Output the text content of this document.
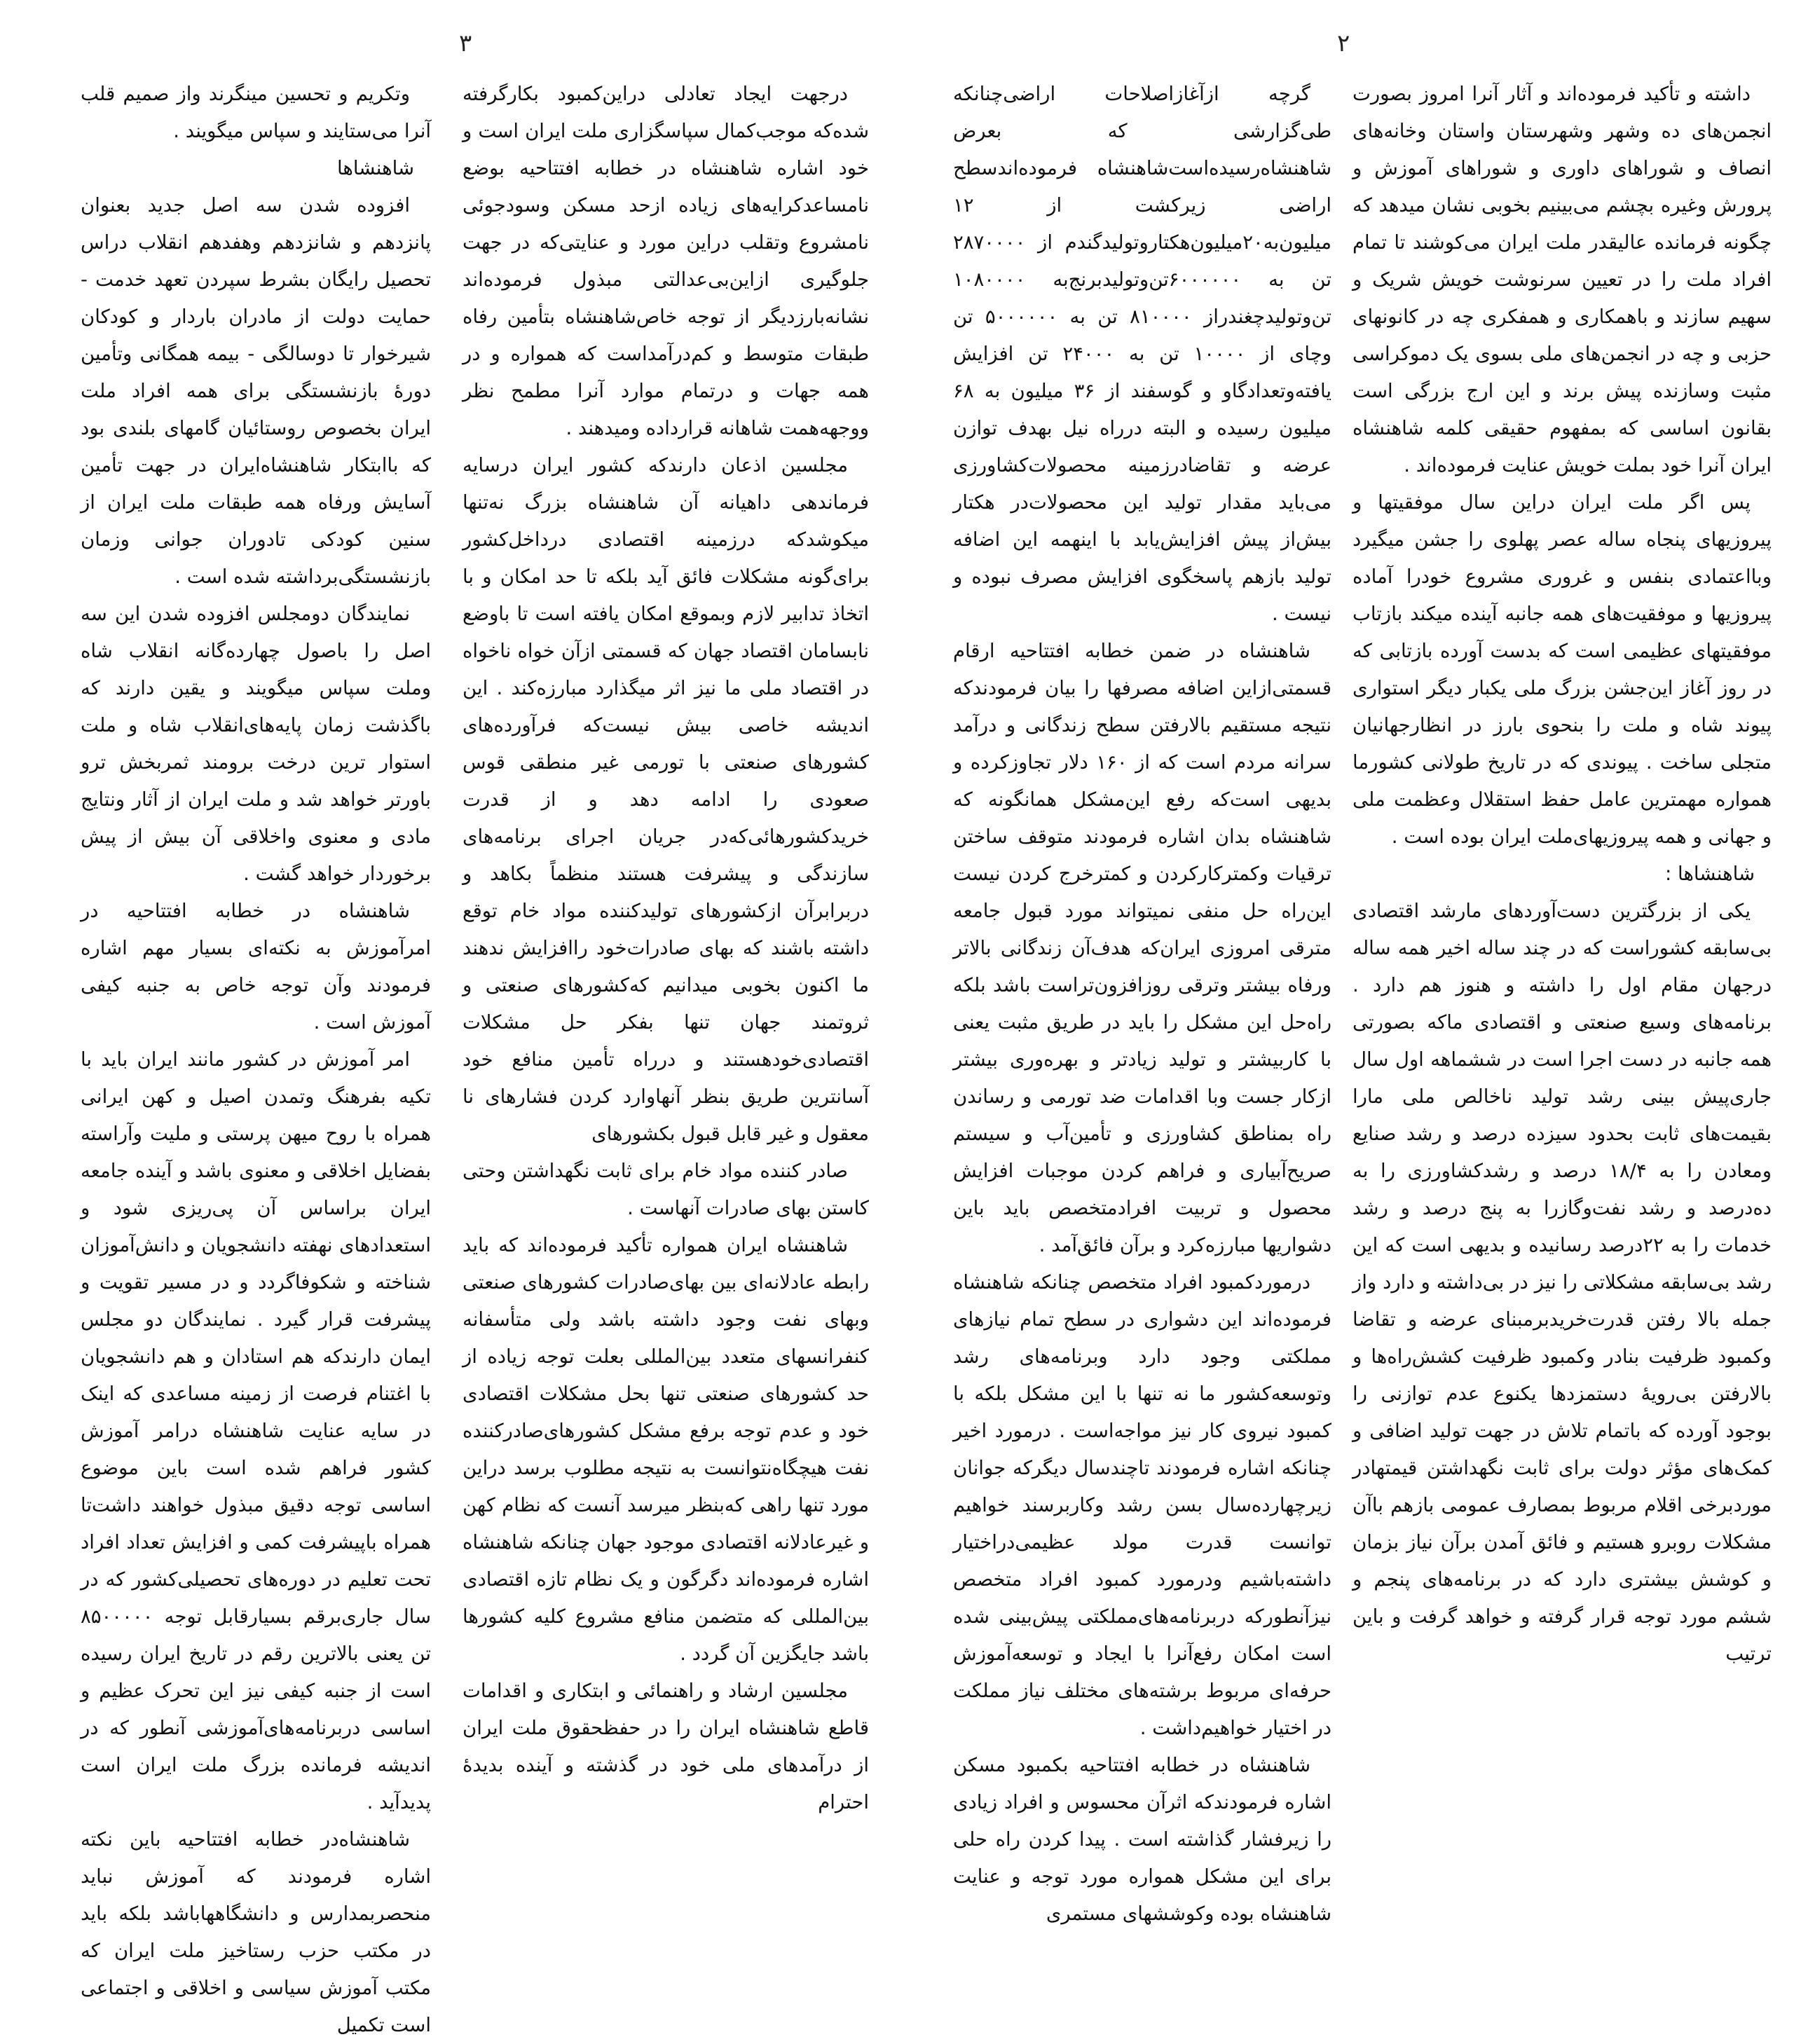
۳	۲

داشته و تأکید فرموده‌اند و آثار آنرا امروز بصورت انجمن‌های ده وشهر وشهرستان واستان وخانه‌های انصاف و شوراهای داوری و شوراهای آموزش و پرورش وغیره بچشم می‌بینیم بخوبی نشان میدهد که چگونه فرمانده عالیقدر ملت ایران می‌کوشند تا تمام افراد ملت را در تعیین سرنوشت خویش شریک و سهیم سازند و باهمکاری و همفکری چه در کانونهای حزبی و چه در انجمن‌های ملی بسوی یک دموکراسی مثبت وسازنده پیش برند و این ارج بزرگی است بقانون اساسی که بمفهوم حقیقی کلمه شاهنشاه ایران آنرا خود بملت خویش عنایت فرموده‌اند .

پس اگر ملت ایران دراین سال موفقیتها و پیروزیهای پنجاه ساله عصر پهلوی را جشن میگیرد وبااعتمادی بنفس و غروری مشروع خودرا آماده پیروزیها و موفقیت‌های همه جانبه آینده میکند بازتاب موفقیتهای عظیمی است که بدست آورده بازتابی که در روز آغاز این‌جشن بزرگ ملی یکبار دیگر استواری پیوند شاه و ملت را بنحوی بارز در انظارجهانیان متجلی ساخت . پیوندی که در تاریخ طولانی کشورما همواره مهمترین عامل حفظ استقلال وعظمت ملی و جهانی و همه پیروزیهای‌ملت ایران بوده است .

شاهنشاها :

یکی از بزرگترین دست‌آوردهای مارشد اقتصادی بی‌سابقه کشوراست که در چند ساله اخیر همه ساله درجهان مقام اول را داشته و هنوز هم دارد . برنامه‌های وسیع صنعتی و اقتصادی ماکه بصورتی همه جانبه در دست اجرا است در ششماهه اول سال جاری‌پیش بینی رشد تولید ناخالص ملی مارا بقیمت‌های ثابت بحدود سیزده درصد و رشد صنایع ومعادن را به ۱۸/۴ درصد و رشدکشاورزی را به ده‌درصد و رشد نفت‌وگازرا به پنج درصد و رشد خدمات را به ۲۲درصد رسانیده و بدیهی است که این رشد بی‌سابقه مشکلاتی را نیز در بی‌داشته و دارد واز جمله بالا رفتن قدرت‌خریدبرمبنای عرضه و تقاضا وکمبود ظرفیت بنادر وکمبود ظرفیت کشش‌راه‌ها و بالارفتن بی‌رویهٔ دستمزدها یکنوع عدم توازنی را بوجود آورده که باتمام تلاش در جهت تولید اضافی و کمک‌های مؤثر دولت برای ثابت نگهداشتن قیمتهادر موردبرخی اقلام مربوط بمصارف عمومی بازهم باآن مشکلات روبرو هستیم و فائق آمدن برآن نیاز بزمان و کوشش بیشتری دارد که در برنامه‌های پنجم و ششم مورد توجه قرار گرفته و خواهد گرفت و باین ترتیب

گرچه ازآغازاصلاحات اراضی‌چنانکه طی‌گزارشی که بعرض شاهنشاه‌رسیده‌است‌شاهنشاه فرموده‌اندسطح اراضی زیرکشت از ۱۲ میلیون‌به۲۰میلیون‌هکتاروتولیدگندم از ۲۸۷۰۰۰۰ تن به ۶۰۰۰۰۰۰تن‌وتولیدبرنج‌به ۱۰۸۰۰۰۰ تن‌وتولیدچغندراز ۸۱۰۰۰۰ تن به ۵۰۰۰۰۰۰ تن وچای از ۱۰۰۰۰ تن به ۲۴۰۰۰ تن افزایش یافته‌وتعدادگاو و گوسفند از ۳۶ میلیون به ۶۸ میلیون رسیده و البته درراه نیل بهدف توازن عرضه و تقاضادرزمینه محصولات‌کشاورزی می‌باید مقدار تولید این محصولات‌در هکتار بیش‌از پیش افزایش‌یابد با اینهمه این اضافه تولید بازهم پاسخگوی افزایش مصرف نبوده و نیست .

شاهنشاه در ضمن خطابه افتتاحیه ارقام قسمتی‌ازاین اضافه مصرفها را بیان فرمودندکه نتیجه مستقیم بالارفتن سطح زندگانی و درآمد سرانه مردم است که از ۱۶۰ دلار تجاوزکرده و بدیهی است‌که رفع این‌مشکل همانگونه که شاهنشاه بدان اشاره فرمودند متوقف ساختن ترقیات وکمترکارکردن و کمترخرج کردن نیست این‌راه حل منفی نمیتواند مورد قبول جامعه مترقی امروزی ایران‌که هدف‌آن زندگانی بالاتر ورفاه بیشتر وترقی روزافزون‌تراست باشد بلکه راه‌حل این مشکل را باید در طریق مثبت یعنی با کاربیشتر و تولید زیادتر و بهره‌وری بیشتر ازکار جست وبا اقدامات ضد تورمی و رساندن راه بمناطق کشاورزی و تأمین‌آب و سیستم صریح‌آبیاری و فراهم کردن موجبات افزایش محصول و تربیت افرادمتخصص باید باین دشواریها مبارزه‌کرد و برآن فائق‌آمد .

درمورد‌کمبود افراد متخصص چنانکه شاهنشاه فرموده‌اند این دشواری در سطح تمام نیازهای مملکتی وجود دارد وبرنامه‌های رشد وتوسعه‌کشور ما نه تنها با این مشکل بلکه با کمبود نیروی کار نیز مواجه‌است . درمورد اخیر چنانکه اشاره فرمودند تاچندسال دیگرکه جوانان زیرچهارده‌سال بسن رشد وکاربرسند خواهیم توانست قدرت مولد عظیمی‌دراختیار داشته‌باشیم ودرمورد کمبود افراد متخصص نیزآنطورکه دربرنامه‌های‌مملکتی پیش‌بینی شده است امکان رفع‌آنرا با ایجاد و توسعه‌آموزش حرفه‌ای مربوط برشته‌های مختلف نیاز مملکت در اختیار خواهیم‌داشت .

شاهنشاه در خطابه افتتاحیه بکمبود مسکن اشاره فرمودندکه اثرآن محسوس و افراد زیادی را زیرفشار گذاشته است . پیدا کردن راه حلی برای این مشکل همواره مورد توجه و عنایت شاهنشاه بوده وکوششهای مستمری

درجهت ایجاد تعادلی دراین‌کمبود بکارگرفته شده‌که موجب‌کمال سپاسگزاری ملت ایران است و خود اشاره شاهنشاه در خطابه افتتاحیه بوضع نامساعدکرایه‌های زیاده ازحد مسکن وسودجوئی نامشروع وتقلب دراین مورد و عنایتی‌که در جهت جلوگیری ازاین‌بی‌عدالتی مبذول فرموده‌اند نشانه‌بارزدیگر از توجه خاص‌شاهنشاه بتأمین رفاه طبقات متوسط و کم‌درآمداست که همواره و در همه جهات و درتمام موارد آنرا مطمح نظر ووجهه‌همت شاهانه قرارداده ومیدهند .

مجلسین اذعان دارند‌که کشور ایران درسایه فرماندهی داهیانه آن شاهنشاه بزرگ نه‌تنها میکوشد‌که درزمینه اقتصادی درداخل‌کشور برای‌گونه مشکلات فائق آید بلکه تا حد امکان و با اتخاذ تدابیر لازم وبموقع امکان یافته است تا باوضع نابسامان اقتصاد جهان که قسمتی ازآن خواه ناخواه در اقتصاد ملی ما نیز اثر میگذارد مبارزه‌کند . این اندیشه خاصی بیش نیست‌که فرآورده‌های کشورهای صنعتی با تورمی غیر منطقی قوس صعودی را ادامه دهد و از قدرت خرید‌کشورهائی‌که‌در جریان اجرای برنامه‌های سازندگی و پیشرفت هستند منظماً بکاهد و دربرابرآن ازکشورهای تولیدکننده مواد خام توقع داشته باشند که بهای صادرات‌خود راافزایش ندهند ما اکنون بخوبی میدانیم که‌کشورهای صنعتی و ثروتمند جهان تنها بفکر حل مشکلات اقتصادی‌خودهستند و درراه تأمین منافع خود آسانترین طریق بنظر آنهاوارد کردن فشارهای نا معقول و غیر قابل قبول بکشورهای

صادر کننده مواد خام برای ثابت نگهداشتن وحتی کاستن بهای صادرات آنهاست .

شاهنشاه ایران همواره تأکید فرموده‌اند که باید رابطه عادلانه‌ای بین بهای‌صادرات کشورهای صنعتی وبهای نفت وجود داشته باشد ولی متأسفانه کنفرانسهای متعدد بین‌المللی بعلت توجه زیاده از حد کشورهای صنعتی تنها بحل مشکلات اقتصادی خود و عدم توجه برفع مشکل کشورهای‌صادرکننده نفت هیچگاه‌نتوانست به نتیجه مطلوب برسد دراین مورد تنها راهی که‌بنظر میرسد آنست که نظام کهن و غیرعادلانه اقتصادی موجود جهان چنانکه شاهنشاه اشاره فرموده‌اند دگرگون و یک نظام تازه اقتصادی بین‌المللی که متضمن منافع مشروع کلیه کشورها باشد جایگزین آن گردد .

مجلسین ارشاد و راهنمائی و ابتکاری و اقدامات قاطع شاهنشاه ایران را در حفظحقوق ملت ایران از درآمدهای ملی خود در گذشته و آینده بدیدهٔ احترام

وتکریم و تحسین مینگرند واز صمیم قلب آنرا می‌ستایند و سپاس میگویند .

شاهنشاها

افزوده شدن سه اصل جدید بعنوان پانزدهم و شانزدهم وهفدهم انقلاب دراس تحصیل رایگان بشرط سپردن تعهد خدمت - حمایت دولت از مادران باردار و کودکان شیرخوار تا دوسالگی - بیمه همگانی وتأمین دورهٔ بازنشستگی برای همه افراد ملت ایران بخصوص روستائیان گامهای بلندی بود که باابتکار شاهنشاه‌ایران در جهت تأمین آسایش ورفاه همه طبقات ملت ایران از سنین کودکی تادوران جوانی وزمان بازنشستگی‌برداشته شده است .

نمایندگان دومجلس افزوده شدن این سه اصل را باصول چهارده‌گانه انقلاب شاه وملت سپاس میگویند و یقین دارند که باگذشت زمان پایه‌های‌انقلاب شاه و ملت استوار ترین درخت برومند ثمربخش ترو باورتر خواهد شد و ملت ایران از آثار ونتایج مادی و معنوی واخلاقی آن بیش از پیش برخوردار خواهد گشت .

شاهنشاه در خطابه افتتاحیه در امرآموزش به نکته‌ای بسیار مهم اشاره فرمودند وآن توجه خاص به جنبه کیفی آموزش است .

امر آموزش در کشور مانند ایران باید با تکیه بفرهنگ وتمدن اصیل و کهن ایرانی همراه با روح میهن پرستی و ملیت وآراسته بفضایل اخلاقی و معنوی باشد و آینده جامعه ایران براساس آن پی‌ریزی شود و استعدادهای نهفته دانشجویان و دانش‌آموزان شناخته و شکوفاگردد و در مسیر تقویت و پیشرفت قرار گیرد . نمایندگان دو مجلس ایمان دارند‌که هم استادان و هم دانشجویان با اغتنام فرصت از زمینه مساعدی که اینک در سایه عنایت شاهنشاه درامر آموزش کشور فراهم شده است باین موضوع اساسی توجه دقیق مبذول خواهند داشت‌تا همراه باپیشرفت کمی و افزایش تعداد افراد تحت تعلیم در دوره‌های تحصیلی‌کشور که در سال جاری‌برقم بسیارقابل توجه ۸۵۰۰۰۰۰ تن یعنی بالاترین رقم در تاریخ ایران رسیده است از جنبه کیفی نیز این تحرک عظیم و اساسی دربرنامه‌های‌آموزشی آنطور که در اندیشه فرمانده بزرگ ملت ایران است پدیدآید .

شاهنشاه‌در خطابه افتتاحیه باین نکته اشاره فرمودند که آموزش نباید منحصربمدارس و دانشگاههاباشد بلکه باید در مکتب حزب رستاخیز ملت ایران که مکتب آموزش سیاسی و اخلاقی و اجتماعی است تکمیل
